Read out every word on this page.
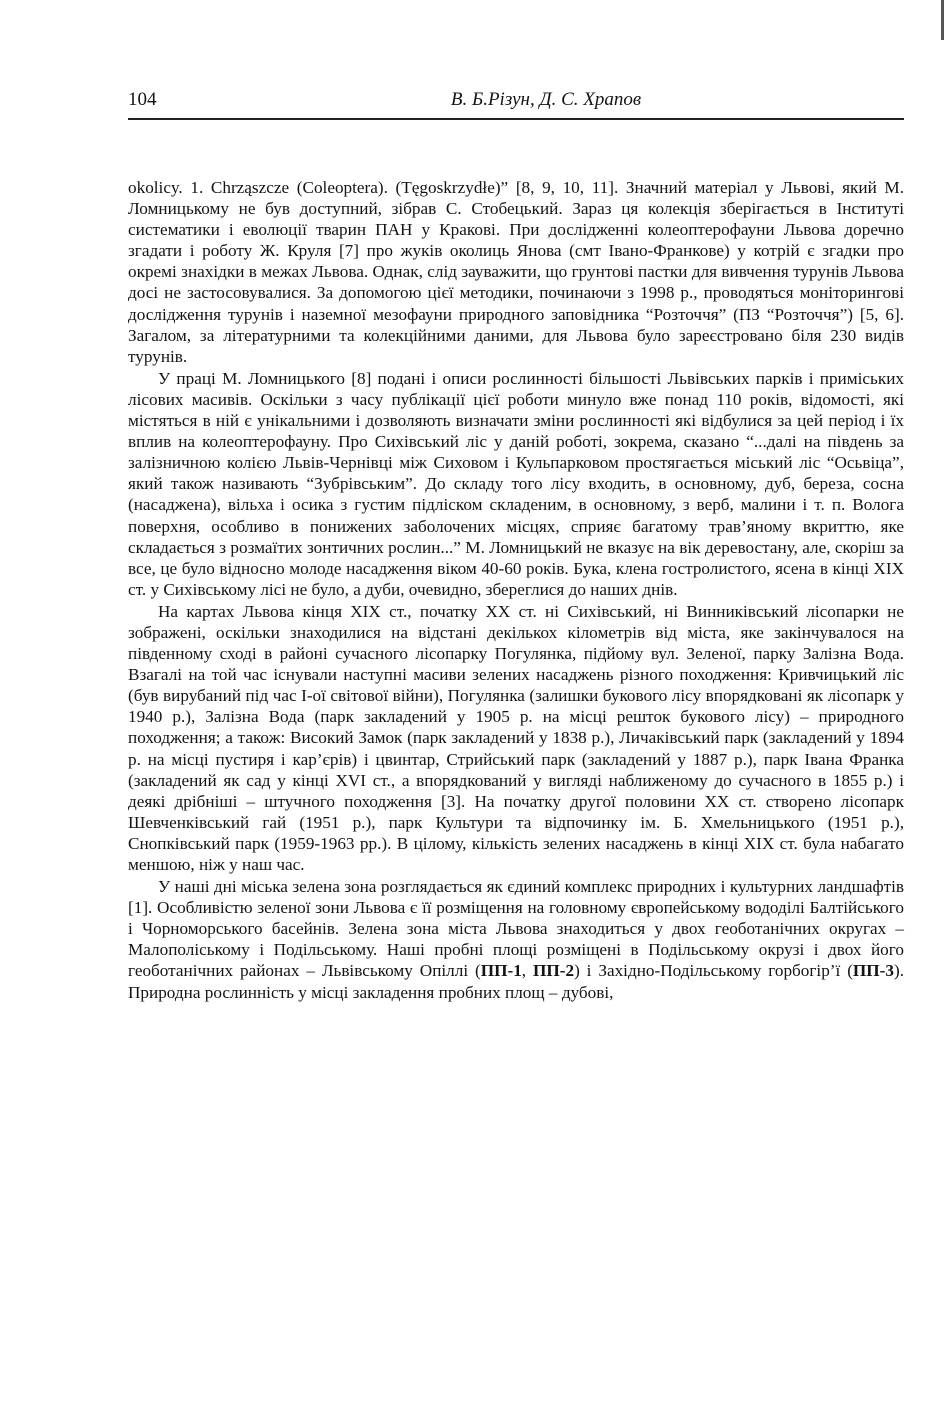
104	В. Б.Різун, Д. С. Храпов

okolicy. 1. Chrząszcze (Coleoptera). (Tęgoskrzydłe)” [8, 9, 10, 11]. Значний матеріал у Львові, який М. Ломницькому не був доступний, зібрав С. Стобецький. Зараз ця колекція зберігається в Інституті систематики і еволюції тварин ПАН у Кракові. При дослідженні колеоптерофауни Львова доречно згадати і роботу Ж. Круля [7] про жуків околиць Янова (смт Івано-Франкове) у котрій є згадки про окремі знахідки в межах Львова. Однак, слід зауважити, що грунтові пастки для вивчення турунів Львова досі не застосовувалися. За допомогою цієї методики, починаючи з 1998 р., проводяться моніторингові дослідження турунів і наземної мезофауни природного заповідника “Розточчя” (ПЗ “Розточчя”) [5, 6]. Загалом, за літературними та колекційними даними, для Львова було зареєстровано біля 230 видів турунів.

У праці М. Ломницького [8] подані і описи рослинності більшості Львівських парків і приміських лісових масивів. Оскільки з часу публікації цієї роботи минуло вже понад 110 років, відомості, які містяться в ній є унікальними і дозволяють визначати зміни рослинності які відбулися за цей період і їх вплив на колеоптерофауну. Про Сихівський ліс у даній роботі, зокрема, сказано “...далі на південь за залізничною колією Львів-Чернівці між Сиховом і Кульпарковом простягається міський ліс “Осьвіца”, який також називають “Зубрівським”. До складу того лісу входить, в основному, дуб, береза, сосна (насаджена), вільха і осика з густим підліском складеним, в основному, з верб, малини і т. п. Волога поверхня, особливо в понижених заболочених місцях, сприяє багатому трав’яному вкриттю, яке складається з розмаїтих зонтичних рослин...” М. Ломницький не вказує на вік деревостану, але, скоріш за все, це було відносно молоде насадження віком 40-60 років. Бука, клена гостролистого, ясена в кінці XIX ст. у Сихівському лісі не було, а дуби, очевидно, збереглися до наших днів.

На картах Львова кінця XIX ст., початку XX ст. ні Сихівський, ні Винниківський лісопарки не зображені, оскільки знаходилися на відстані декількох кілометрів від міста, яке закінчувалося на південному сході в районі сучасного лісопарку Погулянка, підйому вул. Зеленої, парку Залізна Вода. Взагалі на той час існували наступні масиви зелених насаджень різного походження: Кривчицький ліс (був вирубаний під час I-ої світової війни), Погулянка (залишки букового лісу впорядковані як лісопарк у 1940 р.), Залізна Вода (парк закладений у 1905 р. на місці решток букового лісу) – природного походження; а також: Високий Замок (парк закладений у 1838 р.), Личаківський парк (закладений у 1894 р. на місці пустиря і кар’єрів) і цвинтар, Стрийський парк (закладений у 1887 р.), парк Івана Франка (закладений як сад у кінці XVI ст., а впорядкований у вигляді наближеному до сучасного в 1855 р.) і деякі дрібніші – штучного походження [3]. На початку другої половини XX ст. створено лісопарк Шевченківський гай (1951 р.), парк Культури та відпочинку ім. Б. Хмельницького (1951 р.), Снопківський парк (1959-1963 рр.). В цілому, кількість зелених насаджень в кінці XIX ст. була набагато меншою, ніж у наш час.

У наші дні міська зелена зона розглядається як єдиний комплекс природних і культурних ландшафтів [1]. Особливістю зеленої зони Львова є її розміщення на головному європейському вододілі Балтійського і Чорноморського басейнів. Зелена зона міста Львова знаходиться у двох геоботанічних округах – Малополіському і Подільському. Наші пробні площі розміщені в Подільському окрузі і двох його геоботанічних районах – Львівському Опіллі (ПП-1, ПП-2) і Західно-Подільському горбогір’ї (ПП-3). Природна рослинність у місці закладення пробних площ – дубові,
